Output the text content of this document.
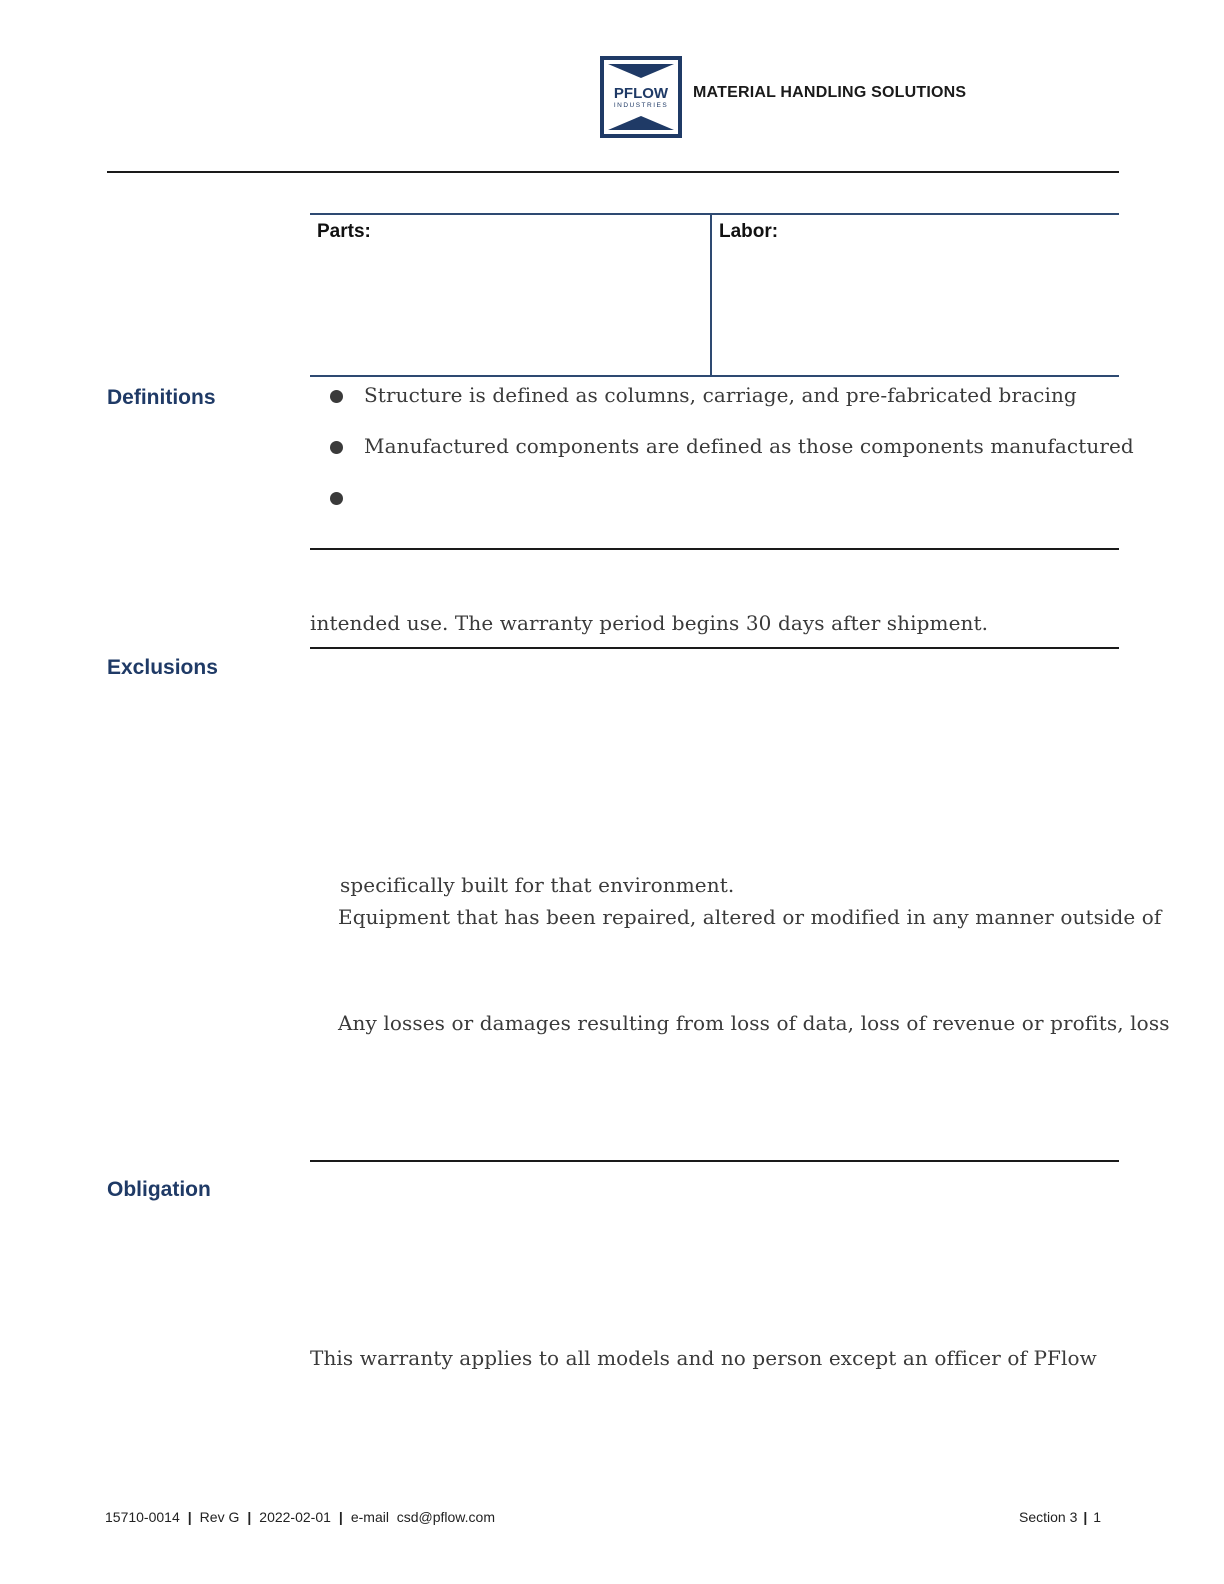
PFLOW
INDUSTRIES
MATERIAL HANDLING SOLUTIONS
Parts:	Labor:
Definitions	Structure is defined as columns, carriage, and pre-fabricated bracing
Manufactured components are defined as those components manufactured
intended use. The warranty period begins 30 days after shipment.
Exclusions
specifically built for that environment.
Equipment that has been repaired, altered or modified in any manner outside of
Any losses or damages resulting from loss of data, loss of revenue or profits, loss
Obligation
This warranty applies to all models and no person except an officer of PFlow
15710-0014 | Rev G | 2022-02-01 | e-mail csd@pflow.com	Section 3 | 1
